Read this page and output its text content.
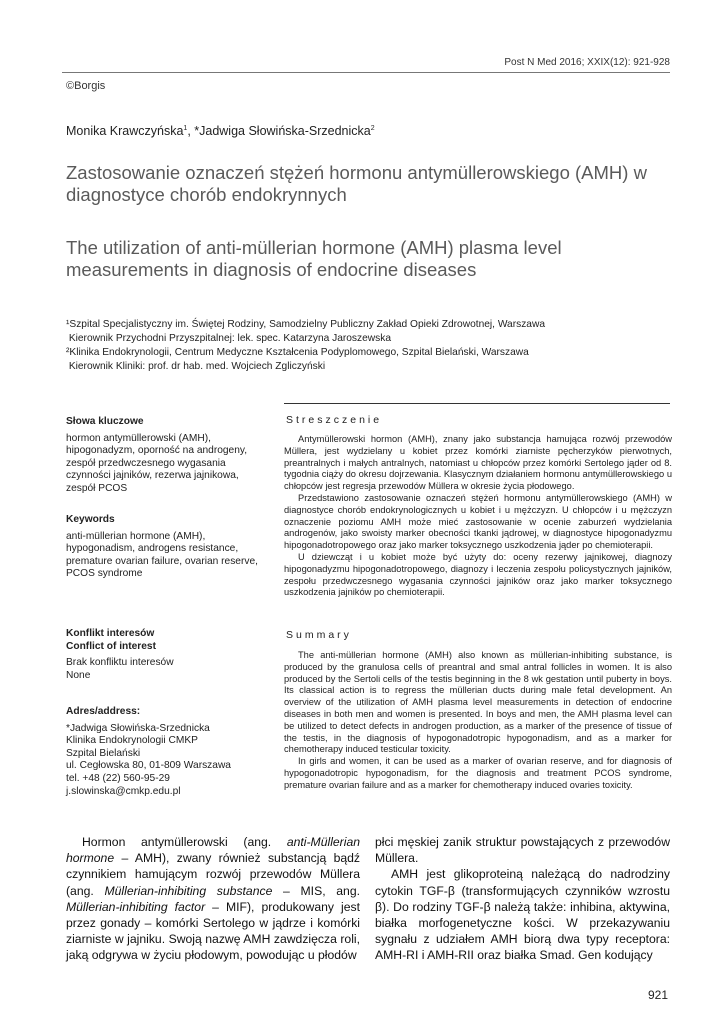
Post N Med 2016; XXIX(12): 921-928
©Borgis
Monika Krawczyńska$^1$, *Jadwiga Słowińska-Srzednicka$^2$
Zastosowanie oznaczeń stężeń hormonu antymüllerowskiego (AMH) w diagnostyce chorób endokrynnych
The utilization of anti-müllerian hormone (AMH) plasma level measurements in diagnosis of endocrine diseases
¹Szpital Specjalistyczny im. Świętej Rodziny, Samodzielny Publiczny Zakład Opieki Zdrowotnej, Warszawa
Kierownik Przychodni Przyszpitalnej: lek. spec. Katarzyna Jaroszewska
²Klinika Endokrynologii, Centrum Medyczne Kształcenia Podyplomowego, Szpital Bielański, Warszawa
Kierownik Kliniki: prof. dr hab. med. Wojciech Zgliczyński

Słowa kluczowe

hormon antymüllerowski (AMH), hipogonadyzm, oporność na androgeny, zespół przedwczesnego wygasania czynności jajników, rezerwa jajnikowa, zespół PCOS

Keywords

anti-müllerian hormone (AMH), hypogonadism, androgens resistance, premature ovarian failure, ovarian reserve, PCOS syndrome

Konflikt interesów

Conflict of interest

Brak konfliktu interesów

None

Adres/address:

*Jadwiga Słowińska-Srzednicka

Klinika Endokrynologii CMKP

Szpital Bielański

ul. Cegłowska 80, 01-809 Warszawa

tel. +48 (22) 560-95-29

j.slowinska@cmkp.edu.pl

Streszczenie

Antymüllerowski hormon (AMH), znany jako substancja hamująca rozwój przewodów Müllera, jest wydzielany u kobiet przez komórki ziarniste pęcherzyków pierwotnych, preantralnych i małych antralnych, natomiast u chłopców przez komórki Sertolego jąder od 8. tygodnia ciąży do okresu dojrzewania. Klasycznym działaniem hormonu antymüllerowskiego u chłopców jest regresja przewodów Müllera w okresie życia płodowego.

Przedstawiono zastosowanie oznaczeń stężeń hormonu antymüllerowskiego (AMH) w diagnostyce chorób endokrynologicznych u kobiet i u mężczyzn. U chłopców i u mężczyzn oznaczenie poziomu AMH może mieć zastosowanie w ocenie zaburzeń wydzielania androgenów, jako swoisty marker obecności tkanki jądrowej, w diagnostyce hipogonadyzmu hipogonadotropowego oraz jako marker toksycznego uszkodzenia jąder po chemioterapii.

U dziewcząt i u kobiet może być użyty do: oceny rezerwy jajnikowej, diagnozy hipogonadyzmu hipogonadotropowego, diagnozy i leczenia zespołu policystycznych jajników, zespołu przedwczesnego wygasania czynności jajników oraz jako marker toksycznego uszkodzenia jajników po chemioterapii.

Summary

The anti-müllerian hormone (AMH) also known as müllerian-inhibiting substance, is produced by the granulosa cells of preantral and smal antral follicles in women. It is also produced by the Sertoli cells of the testis beginning in the 8 wk gestation until puberty in boys. Its classical action is to regress the müllerian ducts during male fetal development. An overview of the utilization of AMH plasma level measurements in detection of endocrine diseases in both men and women is presented. In boys and men, the AMH plasma level can be utilized to detect defects in androgen production, as a marker of the presence of tissue of the testis, in the diagnosis of hypogonadotropic hypogonadism, and as a marker for chemotherapy induced testicular toxicity.

In girls and women, it can be used as a marker of ovarian reserve, and for diagnosis of hypogonadotropic hypogonadism, for the diagnosis and treatment PCOS syndrome, premature ovarian failure and as a marker for chemotherapy induced ovaries toxicity.

Hormon antymüllerowski (ang. anti-Müllerian hormone – AMH), zwany również substancją bądź czynnikiem hamującym rozwój przewodów Müllera (ang. Müllerian-inhibiting substance – MIS, ang. Müllerian-inhibiting factor – MIF), produkowany jest przez gonady – komórki Sertolego w jądrze i komórki ziarniste w jajniku. Swoją nazwę AMH zawdzięcza roli, jaką odgrywa w życiu płodowym, powodując u płodów

płci męskiej zanik struktur powstających z przewodów Müllera.

AMH jest glikoproteiną należącą do nadrodziny cytokin TGF-β (transformujących czynników wzrostu β). Do rodziny TGF-β należą także: inhibina, aktywina, białka morfogenetyczne kości. W przekazywaniu sygnału z udziałem AMH biorą dwa typy receptora: AMH-RI i AMH-RII oraz białka Smad. Gen kodujący

921
